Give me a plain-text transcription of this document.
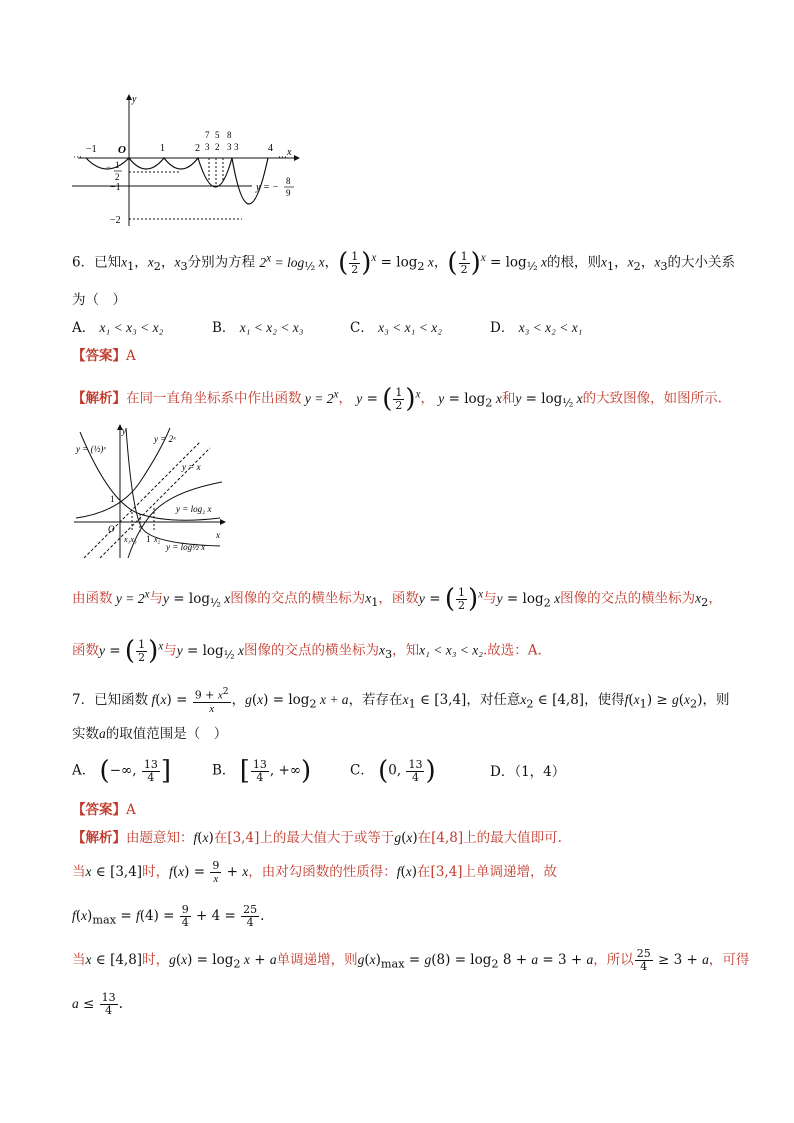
y
x
−1 O	1	2
7
3
5
2
8
3 3	4
···	···
− 1
2
−1
−2
y = −
8
9
6．已知$x_1$，$x_2$，$x_3$分别为方程 $2^x = \log_{\frac{1}{2}} x$，( $\frac{1}{2} )^x = \log_2 x$，( $\frac{1}{2} )^x = \log_{\frac{1}{2}} x$的根，则$x_1$，$x_2$，$x_3$的大小关系
为（　）
A． x₁ < x₃ < x₂	B． x₁ < x₂ < x₃	C． x₃ < x₁ < x₂	D． x₃ < x₂ < x₁
【答案】A
【解析】在同一直角坐标系中作出函数 $y = 2^x$， y = ( $\frac{1}{2} )^x$， $y = \log_2 x$和$y = \log_{\frac{1}{2}} x$的大致图像，如图所示.
y = (½)ˣ
y = 2ˣ
y = x
y = log₂ x
y = log½ x
O
1
1
x₁x₃ x₂	x
y
由函数 $y = 2^x$与$y = \log_{\frac{1}{2}} x$图像的交点的横坐标为$x_1$，函数y = ( $\frac{1}{2} )^x$与$y = \log_2 x$图像的交点的横坐标为$x_2$，
函数y = ( $\frac{1}{2} )^x$与$y = \log_{\frac{1}{2}} x$图像的交点的横坐标为$x_3$，知x₁ < x₃ < x₂.故选：A.
7．已知函数 $f(x) = \frac{9 + x^2}{x}$ ，$g(x) = \log_2 x + a$，若存在$x_1$ ∈ [3,4]，对任意$x_2$ ∈ [4,8]，使得$f(x_1) \ge g(x_2)$，则
实数a的取值范围是（　）
A． (−∞, $\frac{13}{4}$ ]	B． [ $\frac{13}{4}$ , +∞)	C． (0, $\frac{13}{4}$ )	D．（1，4）
【答案】A
【解析】由题意知：f(x)在[3,4]上的最大值大于或等于g(x)在[4,8]上的最大值即可.
当x ∈ [3,4]时，$f(x) = \frac{9}{x} + x$，由对勾函数的性质得：f(x)在[3,4]上单调递增，故
$f(x)_{max} = f(4) = \frac{9}{4} + 4 = \frac{25}{4}$ .
当x ∈ [4,8]时，$g(x) = \log_2 x + a$单调递增，则$g(x)_{max} = g(8) = \log_2 8 + a = 3 + a$，所以 $\frac{25}{4} \ge 3 + a$，可得
$a \le \frac{13}{4}$ .
